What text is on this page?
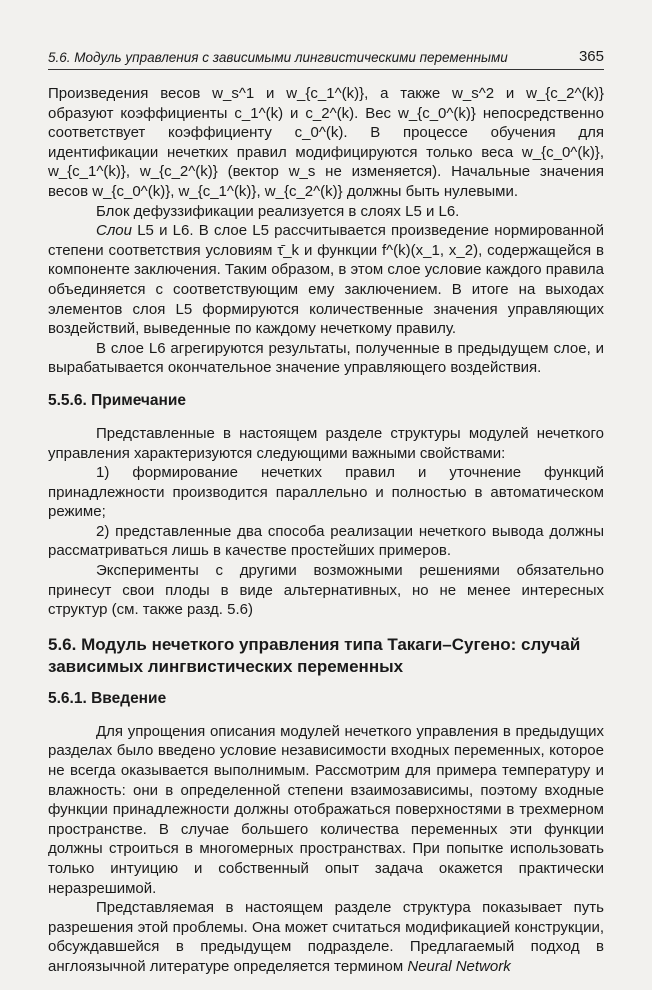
5.6. Модуль управления с зависимыми лингвистическими переменными	365

Произведения весов w_s^1 и w_{c_1^(k)}, а также w_s^2 и w_{c_2^(k)} образуют коэффициенты c_1^(k) и c_2^(k). Вес w_{c_0^(k)} непосредственно соответствует коэффициенту c_0^(k). В процессе обучения для идентификации нечетких правил модифицируются только веса w_{c_0^(k)}, w_{c_1^(k)}, w_{c_2^(k)} (вектор w_s не изменяется). Начальные значения весов w_{c_0^(k)}, w_{c_1^(k)}, w_{c_2^(k)} должны быть нулевыми.

Блок дефуззификации реализуется в слоях L5 и L6.

Слои L5 и L6. В слое L5 рассчитывается произведение нормированной степени соответствия условиям τ̄_k и функции f^(k)(x_1, x_2), содержащейся в компоненте заключения. Таким образом, в этом слое условие каждого правила объединяется с соответствующим ему заключением. В итоге на выходах элементов слоя L5 формируются количественные значения управляющих воздействий, выведенные по каждому нечеткому правилу.

В слое L6 агрегируются результаты, полученные в предыдущем слое, и вырабатывается окончательное значение управляющего воздействия.

5.5.6. Примечание

Представленные в настоящем разделе структуры модулей нечеткого управления характеризуются следующими важными свойствами:

1) формирование нечетких правил и уточнение функций принадлежности производится параллельно и полностью в автоматическом режиме;

2) представленные два способа реализации нечеткого вывода должны рассматриваться лишь в качестве простейших примеров.

Эксперименты с другими возможными решениями обязательно принесут свои плоды в виде альтернативных, но не менее интересных структур (см. также разд. 5.6)

5.6. Модуль нечеткого управления типа Такаги–Сугено: случай зависимых лингвистических переменных
5.6.1. Введение

Для упрощения описания модулей нечеткого управления в предыдущих разделах было введено условие независимости входных переменных, которое не всегда оказывается выполнимым. Рассмотрим для примера температуру и влажность: они в определенной степени взаимозависимы, поэтому входные функции принадлежности должны отображаться поверхностями в трехмерном пространстве. В случае большего количества переменных эти функции должны строиться в многомерных пространствах. При попытке использовать только интуицию и собственный опыт задача окажется практически неразрешимой.

Представляемая в настоящем разделе структура показывает путь разрешения этой проблемы. Она может считаться модификацией конструкции, обсуждавшейся в предыдущем подразделе. Предлагаемый подход в англоязычной литературе определяется термином Neural Network
